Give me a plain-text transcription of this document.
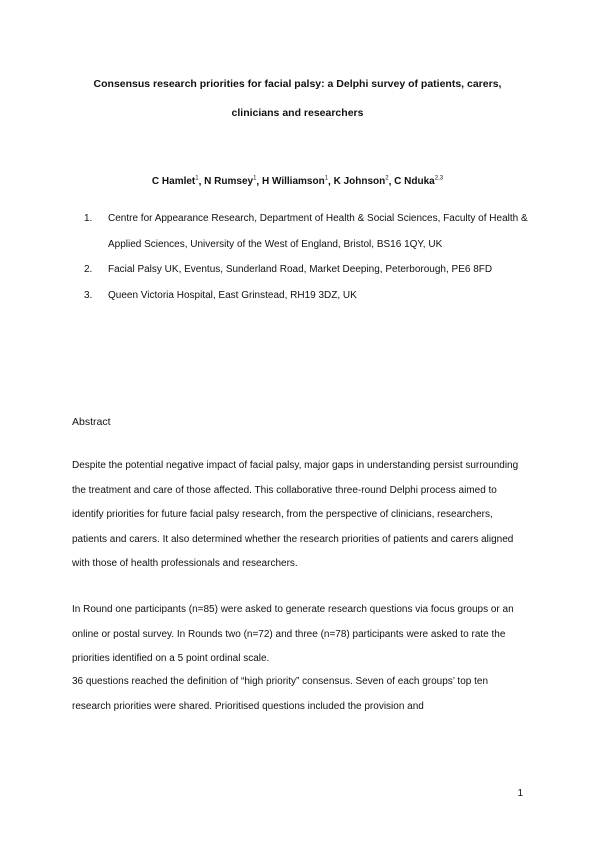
Consensus research priorities for facial palsy: a Delphi survey of patients, carers,
clinicians and researchers
C Hamlet$^1$, N Rumsey$^1$, H Williamson$^1$, K Johnson$^2$, C Nduka$^{2,3}$
1. Centre for Appearance Research, Department of Health & Social Sciences, Faculty of Health & Applied Sciences, University of the West of England, Bristol, BS16 1QY, UK
2. Facial Palsy UK, Eventus, Sunderland Road, Market Deeping, Peterborough, PE6 8FD
3. Queen Victoria Hospital, East Grinstead, RH19 3DZ, UK
Abstract

Despite the potential negative impact of facial palsy, major gaps in understanding persist surrounding the treatment and care of those affected. This collaborative three-round Delphi process aimed to identify priorities for future facial palsy research, from the perspective of clinicians, researchers, patients and carers. It also determined whether the research priorities of patients and carers aligned with those of health professionals and researchers.

In Round one participants (n=85) were asked to generate research questions via focus groups or an online or postal survey. In Rounds two (n=72) and three (n=78) participants were asked to rate the priorities identified on a 5 point ordinal scale.

36 questions reached the definition of “high priority” consensus. Seven of each groups’ top ten research priorities were shared. Prioritised questions included the provision and

1
